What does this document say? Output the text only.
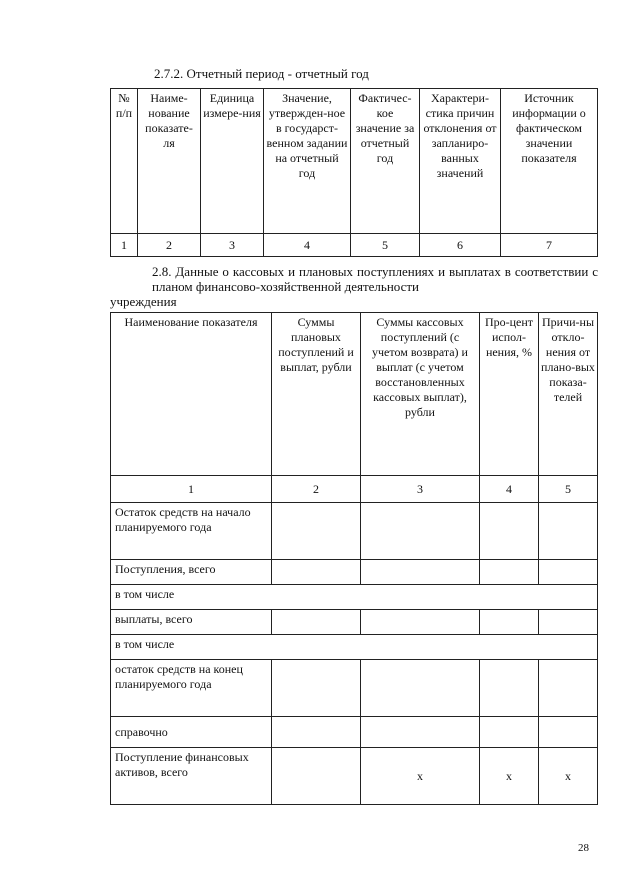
2.7.2. Отчетный период - отчетный год
№ п/п	Наиме-нование показате-ля	Единица измере-ния	Значение, утвержден-ное в государст-венном задании на отчетный год	Фактичес-кое значение за отчетный год	Характери-стика причин отклонения от запланиро-ванных значений	Источник информации о фактическом значении показателя
1	2	3	4	5	6	7
2.8. Данные о кассовых и плановых поступлениях и выплатах в соответствии с планом финансово-хозяйственной деятельности
учреждения
Наименование показателя	Суммы плановых поступлений и выплат, рубли	Суммы кассовых поступлений (с учетом возврата) и выплат (с учетом восстановленных кассовых выплат), рубли	Про-цент испол-нения, %	Причи-ны откло-нения от плано-вых показа-телей
1	2	3	4	5
Остаток средств на начало планируемого года				
Поступления, всего				
в том числе				
выплаты, всего				
в том числе				
остаток средств на конец планируемого года				
справочно				
Поступление финансовых активов, всего		x	x	x
28
